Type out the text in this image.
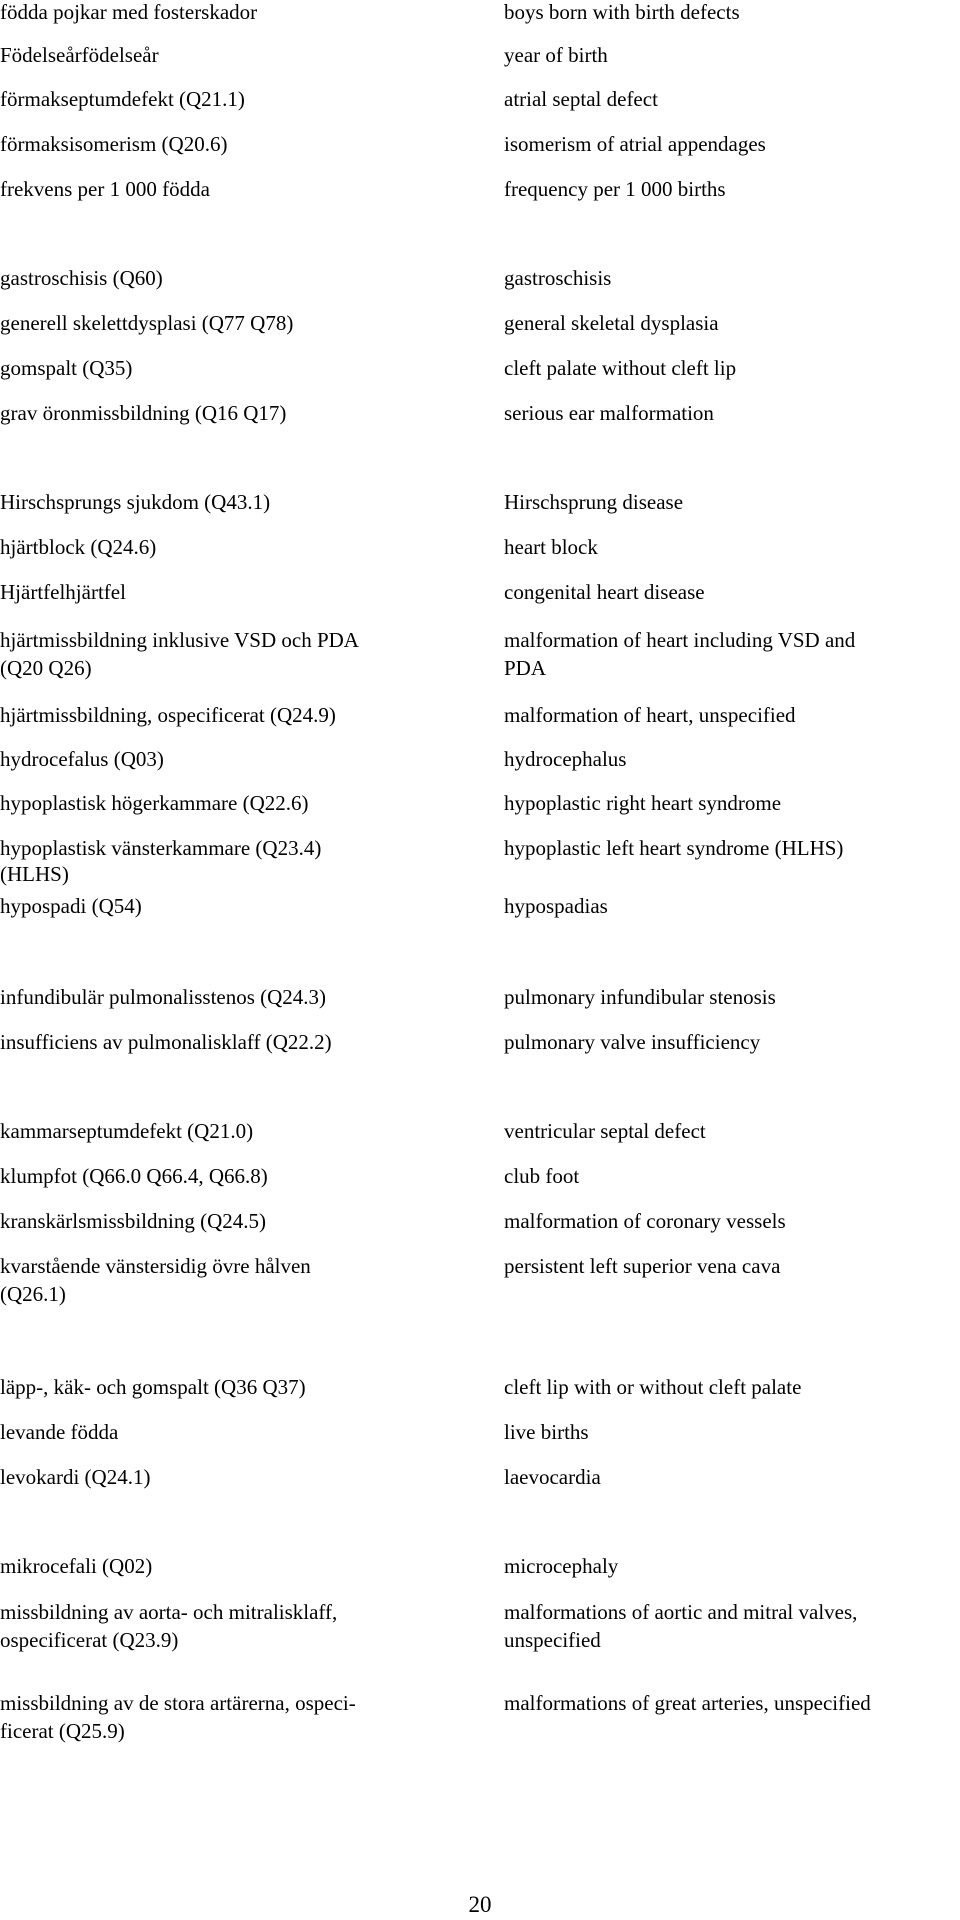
födda pojkar med fosterskador	boys born with birth defects
Födelseårfödelseår	year of birth
förmakseptumdefekt (Q21.1)	atrial septal defect
förmaksisomerism (Q20.6)	isomerism of atrial appendages
frekvens per 1 000 födda	frequency per 1 000 births
gastroschisis (Q60)	gastroschisis
generell skelettdysplasi (Q77 Q78)	general skeletal dysplasia
gomspalt (Q35)	cleft palate without cleft lip
grav öronmissbildning (Q16 Q17)	serious ear malformation
Hirschsprungs sjukdom (Q43.1)	Hirschsprung disease
hjärtblock (Q24.6)	heart block
Hjärtfelhjärtfel	congenital heart disease
hjärtmissbildning inklusive VSD och PDA	malformation of heart including VSD and
(Q20 Q26)	PDA
hjärtmissbildning, ospecificerat (Q24.9)	malformation of heart, unspecified
hydrocefalus (Q03)	hydrocephalus
hypoplastisk högerkammare (Q22.6)	hypoplastic right heart syndrome
hypoplastisk vänsterkammare (Q23.4)	hypoplastic left heart syndrome (HLHS)
(HLHS)
hypospadi (Q54)	hypospadias
infundibulär pulmonalisstenos (Q24.3)	pulmonary infundibular stenosis
insufficiens av pulmonalisklaff (Q22.2)	pulmonary valve insufficiency
kammarseptumdefekt (Q21.0)	ventricular septal defect
klumpfot (Q66.0 Q66.4, Q66.8)	club foot
kranskärlsmissbildning (Q24.5)	malformation of coronary vessels
kvarstående vänstersidig övre hålven	persistent left superior vena cava
(Q26.1)
läpp-, käk- och gomspalt (Q36 Q37)	cleft lip with or without cleft palate
levande födda	live births
levokardi (Q24.1)	laevocardia
mikrocefali (Q02)	microcephaly
missbildning av aorta- och mitralisklaff,	malformations of aortic and mitral valves,
ospecificerat (Q23.9)	unspecified
missbildning av de stora artärerna, ospeci-	malformations of great arteries, unspecified
ficerat (Q25.9)
20
